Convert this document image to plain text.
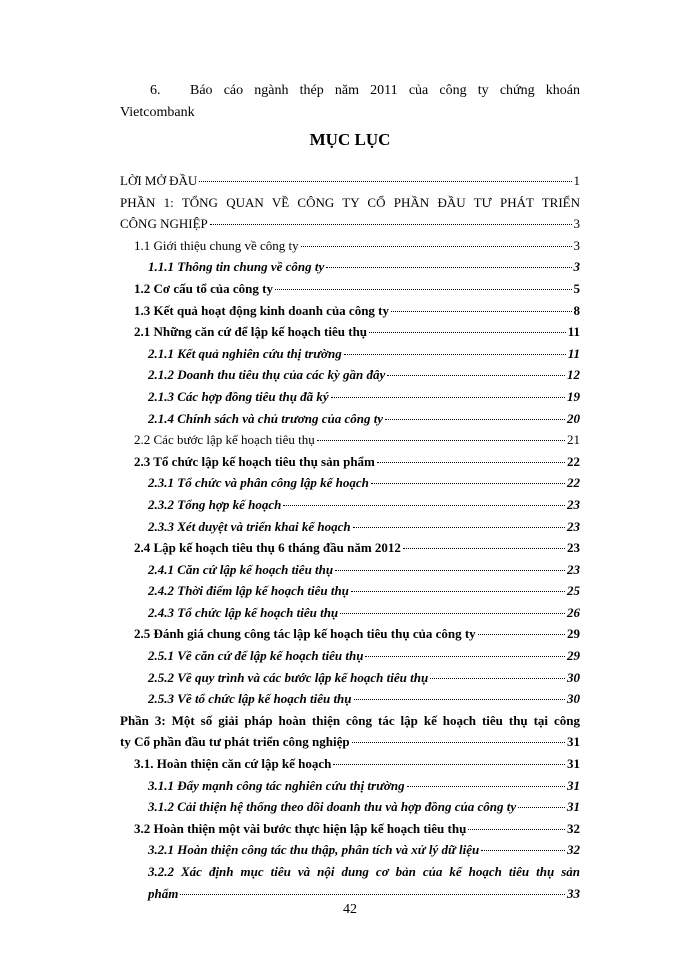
6.	Báo cáo ngành thép năm 2011 của công ty chứng khoán
Vietcombank
MỤC LỤC
LỜI MỞ ĐẦU	1
PHẦN 1: TỔNG QUAN VỀ CÔNG TY CỔ PHẦN ĐẦU TƯ PHÁT TRIỂN
CÔNG NGHIỆP	3
1.1 Giới thiệu chung về công ty	3
1.1.1 Thông tin chung về công ty	3
1.2 Cơ cấu tổ của công ty	5
1.3 Kết quả hoạt động kinh doanh của công ty	8
2.1 Những căn cứ để lập kế hoạch tiêu thụ	11
2.1.1 Kết quả nghiên cứu thị trường	11
2.1.2 Doanh thu tiêu thụ của các kỳ gần đây	12
2.1.3 Các hợp đồng tiêu thụ đã ký	19
2.1.4 Chính sách và chủ trương của công ty	20
2.2 Các bước lập kế hoạch tiêu thụ	21
2.3 Tổ chức lập kế hoạch tiêu thụ sản phẩm	22
2.3.1 Tổ chức và phân công lập kế hoạch	22
2.3.2 Tổng hợp kế hoạch	23
2.3.3 Xét duyệt và triển khai kế hoạch	23
2.4 Lập kế hoạch tiêu thụ 6 tháng đầu năm 2012	23
2.4.1 Căn cứ lập kế hoạch tiêu thụ	23
2.4.2 Thời điểm lập kế hoạch tiêu thụ	25
2.4.3 Tổ chức lập kế hoạch tiêu thụ	26
2.5 Đánh giá chung công tác lập kế hoạch tiêu thụ của công ty	29
2.5.1 Về căn cứ để lập kế hoạch tiêu thụ	29
2.5.2 Về quy trình và các bước lập kế hoạch tiêu thụ	30
2.5.3 Về tổ chức lập kế hoạch tiêu thụ	30
Phần 3: Một số giải pháp hoàn thiện công tác lập kế hoạch tiêu thụ tại công
ty Cổ phần đầu tư phát triển công nghiệp	31
3.1. Hoàn thiện căn cứ lập kế hoạch	31
3.1.1 Đẩy mạnh công tác nghiên cứu thị trường	31
3.1.2 Cải thiện hệ thống theo dõi doanh thu và hợp đồng của công ty	31
3.2 Hoàn thiện một vài bước thực hiện lập kế hoạch tiêu thụ	32
3.2.1 Hoàn thiện công tác thu thập, phân tích và xử lý dữ liệu	32
3.2.2 Xác định mục tiêu và nội dung cơ bản của kế hoạch tiêu thụ sản
phẩm	33
42
